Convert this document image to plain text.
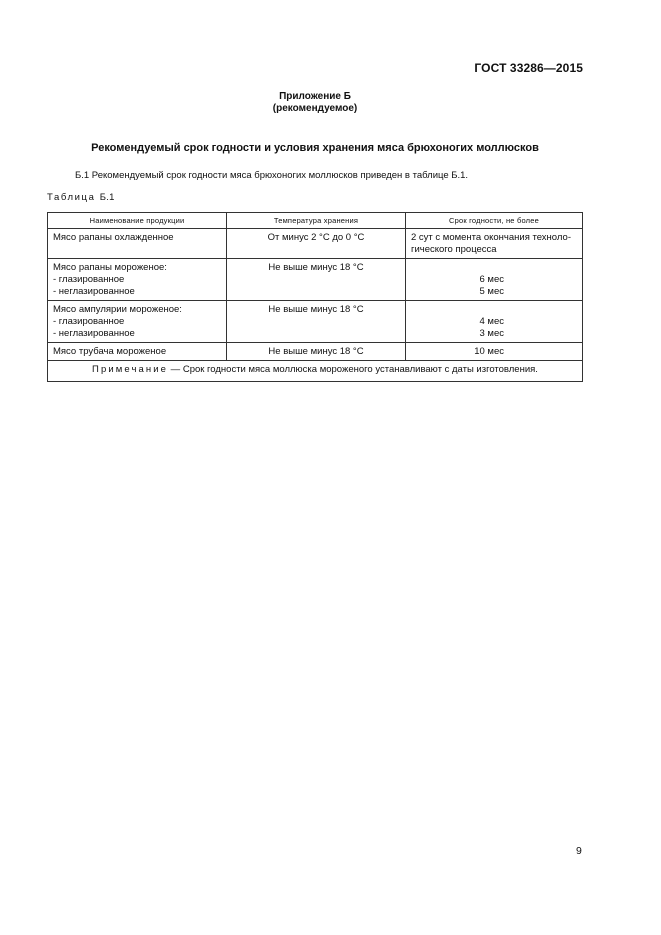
ГОСТ 33286—2015
Приложение Б
(рекомендуемое)
Рекомендуемый срок годности и условия хранения мяса брюхоногих моллюсков
Б.1 Рекомендуемый срок годности мяса брюхоногих моллюсков приведен в таблице Б.1.
Таблица Б.1
Наименование продукции	Температура хранения	Срок годности, не более

Мясо рапаны охлажденное	От минус 2 °С до 0 °С	2 сут с момента окончания техноло-
гического процесса

Мясо рапаны мороженое:
- глазированное
- неглазированное	Не выше минус 18 °С	6 мес
5 мес

Мясо ампулярии мороженое:
- глазированное
- неглазированное	Не выше минус 18 °С	4 мес
3 мес

Мясо трубача мороженое	Не выше минус 18 °С	10 мес

Примечание — Срок годности мяса моллюска мороженого устанавливают с даты изготовления.		
9
